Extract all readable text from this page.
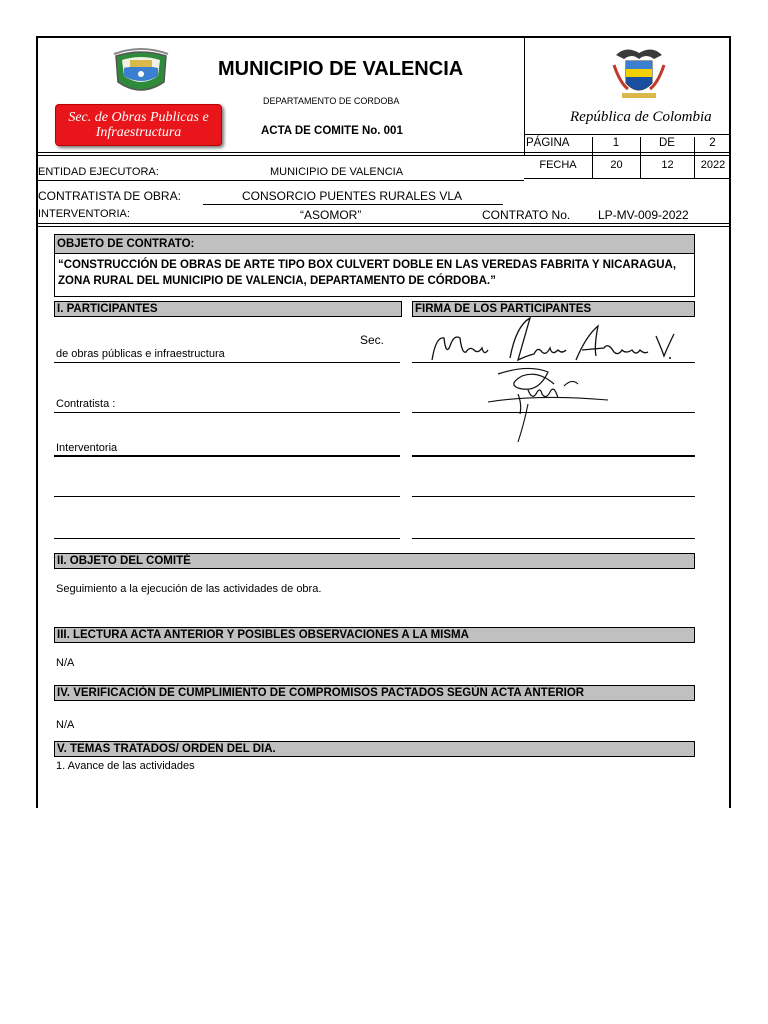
Sec. de Obras Publicas e
Infraestructura
MUNICIPIO DE VALENCIA
DEPARTAMENTO DE CORDOBA
ACTA DE COMITE No. 001
República de Colombia
PÁGINA	1	DE	2
ENTIDAD EJECUTORA:	MUNICIPIO DE VALENCIA
FECHA	20	12	2022
CONTRATISTA DE OBRA:	CONSORCIO PUENTES RURALES VLA
INTERVENTORIA:	“ASOMOR”	CONTRATO No. LP-MV-009-2022
OBJETO DE CONTRATO:
“CONSTRUCCIÓN DE OBRAS DE ARTE TIPO BOX CULVERT DOBLE EN LAS VEREDAS FABRITA Y NICARAGUA, ZONA RURAL DEL MUNICIPIO DE VALENCIA, DEPARTAMENTO DE CÓRDOBA.”
I. PARTICIPANTES	FIRMA DE LOS PARTICIPANTES
Sec.
de obras públicas e infraestructura
Contratista :
Interventoria
II. OBJETO DEL COMITÉ
Seguimiento a la ejecución de las actividades de obra.
III. LECTURA ACTA ANTERIOR Y POSIBLES OBSERVACIONES A LA MISMA
N/A
IV. VERIFICACIÒN DE CUMPLIMIENTO DE COMPROMISOS PACTADOS SEGÙN ACTA ANTERIOR
N/A
V. TEMAS TRATADOS/ ORDEN DEL DIA.
1. Avance de las actividades
